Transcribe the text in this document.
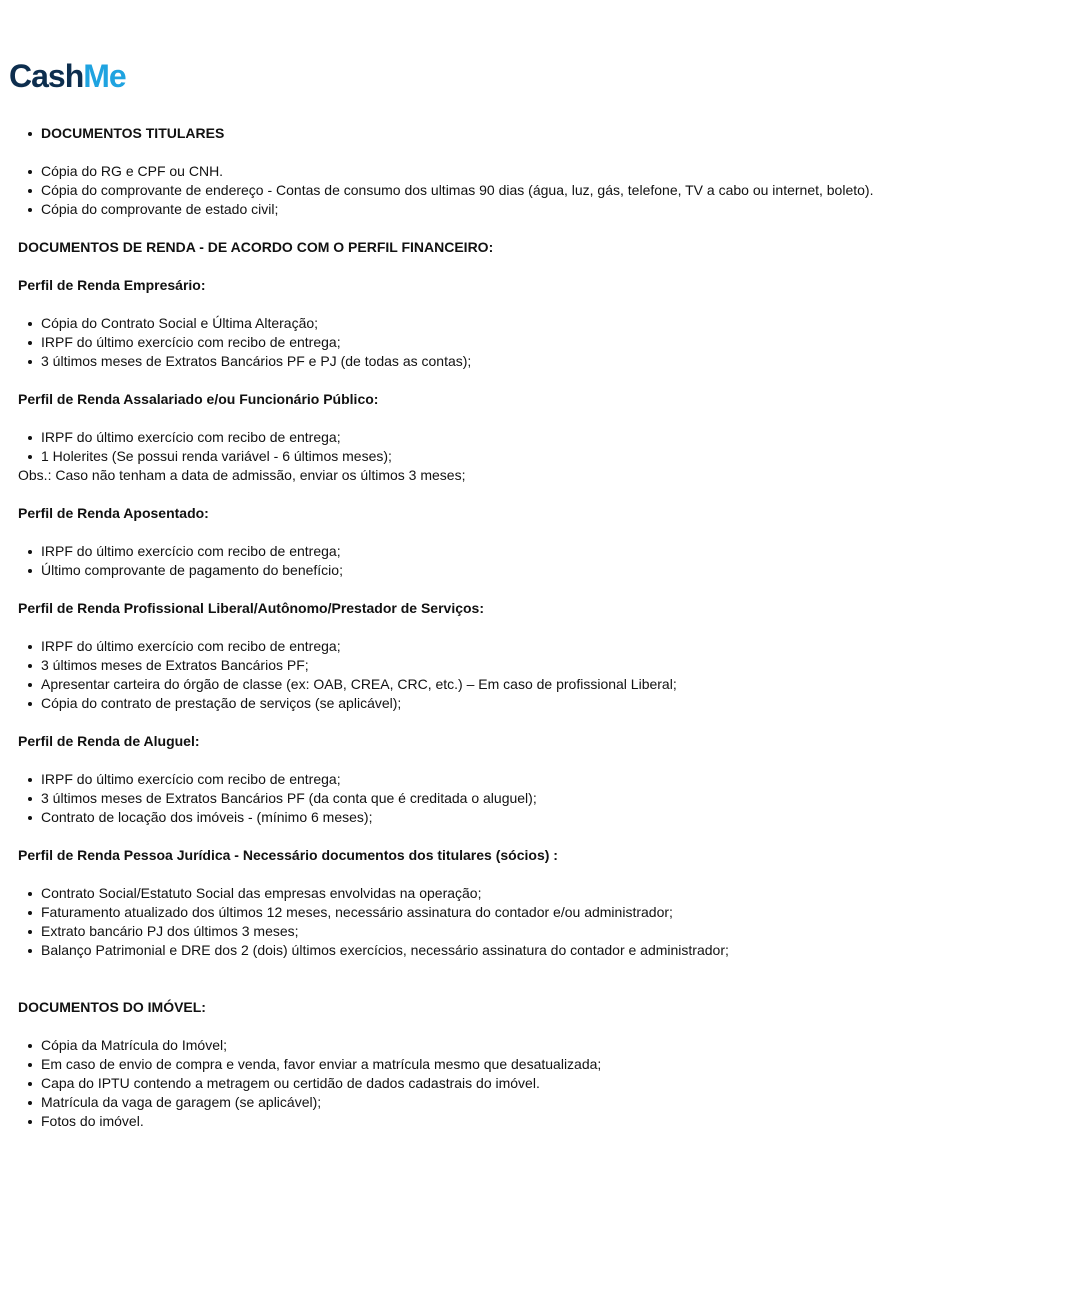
CashMe
DOCUMENTOS TITULARES
Cópia do RG e CPF ou CNH.
Cópia do comprovante de endereço - Contas de consumo dos ultimas 90 dias (água, luz, gás, telefone, TV a cabo ou internet, boleto).
Cópia do comprovante de estado civil;
DOCUMENTOS DE RENDA - DE ACORDO COM O PERFIL FINANCEIRO:
Perfil de Renda Empresário:
Cópia do Contrato Social e Última Alteração;
IRPF do último exercício com recibo de entrega;
3 últimos meses de Extratos Bancários PF e PJ (de todas as contas);
Perfil de Renda Assalariado e/ou Funcionário Público:
IRPF do último exercício com recibo de entrega;
1 Holerites (Se possui renda variável - 6 últimos meses);
Obs.: Caso não tenham a data de admissão, enviar os últimos 3 meses;
Perfil de Renda Aposentado:
IRPF do último exercício com recibo de entrega;
Último comprovante de pagamento do benefício;
Perfil de Renda Profissional Liberal/Autônomo/Prestador de Serviços:
IRPF do último exercício com recibo de entrega;
3 últimos meses de Extratos Bancários PF;
Apresentar carteira do órgão de classe (ex: OAB, CREA, CRC, etc.) – Em caso de profissional Liberal;
Cópia do contrato de prestação de serviços (se aplicável);
Perfil de Renda de Aluguel:
IRPF do último exercício com recibo de entrega;
3 últimos meses de Extratos Bancários PF (da conta que é creditada o aluguel);
Contrato de locação dos imóveis - (mínimo 6 meses);
Perfil de Renda Pessoa Jurídica - Necessário documentos dos titulares (sócios) :
Contrato Social/Estatuto Social das empresas envolvidas na operação;
Faturamento atualizado dos últimos 12 meses, necessário assinatura do contador e/ou administrador;
Extrato bancário PJ dos últimos 3 meses;
Balanço Patrimonial e DRE dos 2 (dois) últimos exercícios, necessário assinatura do contador e administrador;
DOCUMENTOS DO IMÓVEL:
Cópia da Matrícula do Imóvel;
Em caso de envio de compra e venda, favor enviar a matrícula mesmo que desatualizada;
Capa do IPTU contendo a metragem ou certidão de dados cadastrais do imóvel.
Matrícula da vaga de garagem (se aplicável);
Fotos do imóvel.
